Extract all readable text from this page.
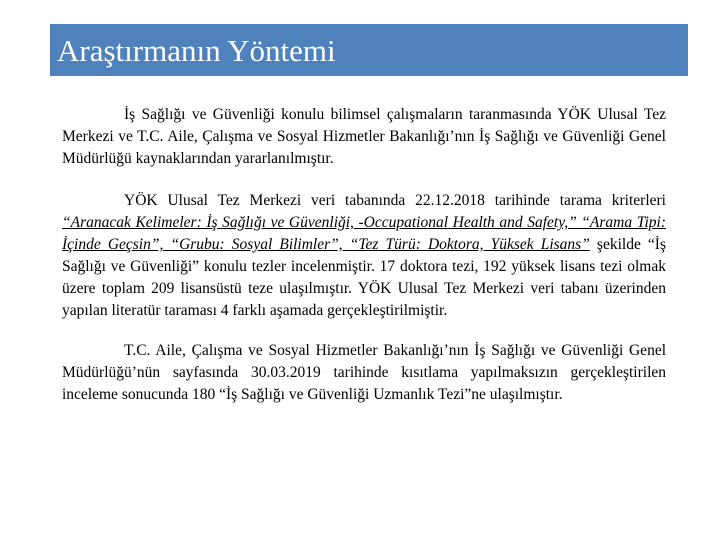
Araştırmanın Yöntemi

İş Sağlığı ve Güvenliği konulu bilimsel çalışmaların taranmasında YÖK Ulusal Tez Merkezi ve T.C. Aile, Çalışma ve Sosyal Hizmetler Bakanlığı’nın İş Sağlığı ve Güvenliği Genel Müdürlüğü kaynaklarından yararlanılmıştır.

YÖK Ulusal Tez Merkezi veri tabanında 22.12.2018 tarihinde tarama kriterleri “Aranacak Kelimeler: İş Sağlığı ve Güvenliği, -Occupational Health and Safety,” “Arama Tipi: İçinde Geçsin”, “Grubu: Sosyal Bilimler”, “Tez Türü: Doktora, Yüksek Lisans” şekilde “İş Sağlığı ve Güvenliği” konulu tezler incelenmiştir. 17 doktora tezi, 192 yüksek lisans tezi olmak üzere toplam 209 lisansüstü teze ulaşılmıştır. YÖK Ulusal Tez Merkezi veri tabanı üzerinden yapılan literatür taraması 4 farklı aşamada gerçekleştirilmiştir.

T.C. Aile, Çalışma ve Sosyal Hizmetler Bakanlığı’nın İş Sağlığı ve Güvenliği Genel Müdürlüğü’nün sayfasında 30.03.2019 tarihinde kısıtlama yapılmaksızın gerçekleştirilen inceleme sonucunda 180 “İş Sağlığı ve Güvenliği Uzmanlık Tezi”ne ulaşılmıştır.
